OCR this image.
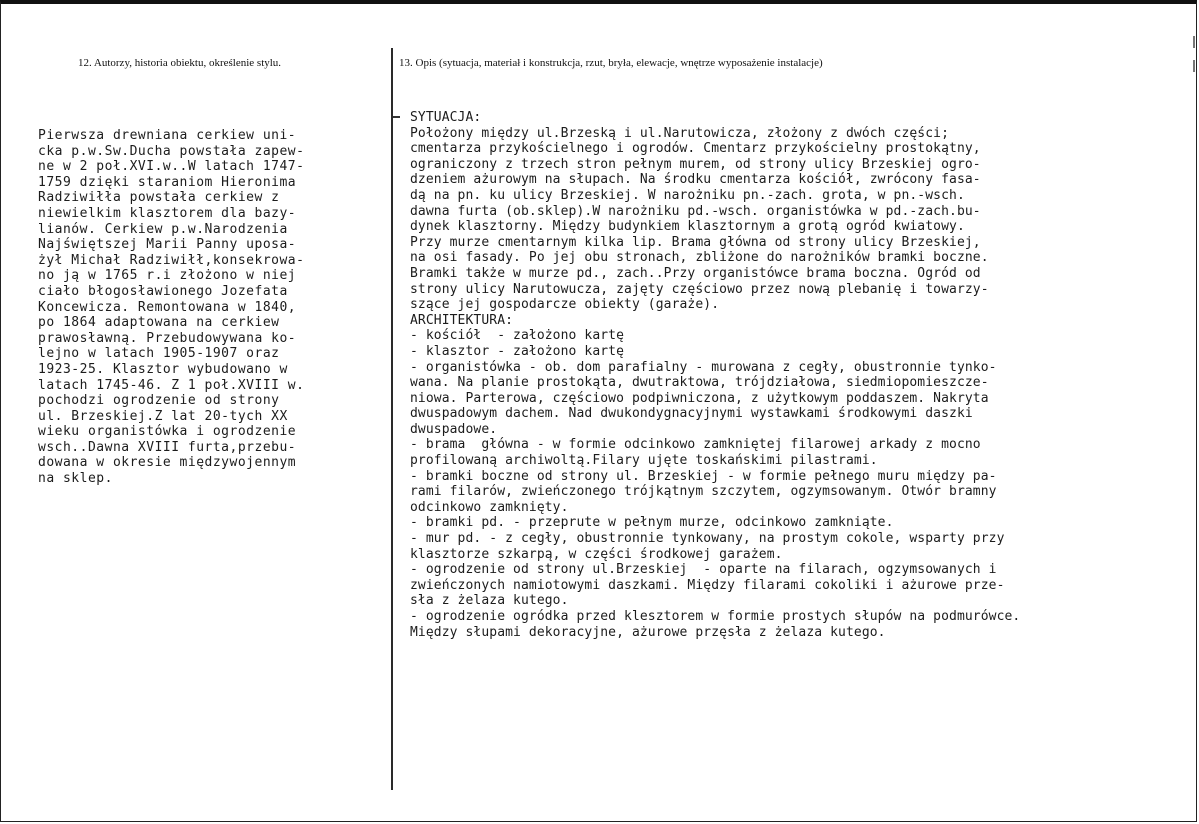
12. Autorzy, historia obiektu, określenie stylu.	13. Opis (sytuacja, materiał i konstrukcja, rzut, bryła, elewacje, wnętrze wyposażenie instalacje)
Pierwsza drewniana cerkiew uni-
cka p.w.Sw.Ducha powstała zapew-
ne w 2 poł.XVI.w..W latach 1747-
1759 dzięki staraniom Hieronima
Radziwiłła powstała cerkiew z
niewielkim klasztorem dla bazy-
lianów. Cerkiew p.w.Narodzenia
Najświętszej Marii Panny uposa-
żył Michał Radziwiłł,konsekrowa-
no ją w 1765 r.i złożono w niej
ciało błogosławionego Jozefata
Koncewicza. Remontowana w 1840,
po 1864 adaptowana na cerkiew
prawosławną. Przebudowywana ko-
lejno w latach 1905-1907 oraz
1923-25. Klasztor wybudowano w
latach 1745-46. Z 1 poł.XVIII w.
pochodzi ogrodzenie od strony
ul. Brzeskiej.Z lat 20-tych XX
wieku organistówka i ogrodzenie
wsch..Dawna XVIII furta,przebu-
dowana w okresie międzywojennym
na sklep.
SYTUACJA:
Położony między ul.Brzeską i ul.Narutowicza, złożony z dwóch części;
cmentarza przykościelnego i ogrodów. Cmentarz przykościelny prostokątny,
ograniczony z trzech stron pełnym murem, od strony ulicy Brzeskiej ogro-
dzeniem ażurowym na słupach. Na środku cmentarza kościół, zwrócony fasa-
dą na pn. ku ulicy Brzeskiej. W narożniku pn.-zach. grota, w pn.-wsch.
dawna furta (ob.sklep).W narożniku pd.-wsch. organistówka w pd.-zach.bu-
dynek klasztorny. Między budynkiem klasztornym a grotą ogród kwiatowy.
Przy murze cmentarnym kilka lip. Brama główna od strony ulicy Brzeskiej,
na osi fasady. Po jej obu stronach, zbliżone do narożników bramki boczne.
Bramki także w murze pd., zach..Przy organistówce brama boczna. Ogród od
strony ulicy Narutowucza, zajęty częściowo przez nową plebanię i towarzy-
szące jej gospodarcze obiekty (garaże).
ARCHITEKTURA:
- kościół  - założono kartę
- klasztor - założono kartę
- organistówka - ob. dom parafialny - murowana z cegły, obustronnie tynko-
wana. Na planie prostokąta, dwutraktowa, trójdziałowa, siedmiopomieszcze-
niowa. Parterowa, częściowo podpiwniczona, z użytkowym poddaszem. Nakryta
dwuspadowym dachem. Nad dwukondygnacyjnymi wystawkami środkowymi daszki
dwuspadowe.
- brama  główna - w formie odcinkowo zamkniętej filarowej arkady z mocno
profilowaną archiwoltą.Filary ujęte toskańskimi pilastrami.
- bramki boczne od strony ul. Brzeskiej - w formie pełnego muru między pa-
rami filarów, zwieńczonego trójkątnym szczytem, ogzymsowanym. Otwór bramny
odcinkowo zamknięty.
- bramki pd. - przeprute w pełnym murze, odcinkowo zamkniąte.
- mur pd. - z cegły, obustronnie tynkowany, na prostym cokole, wsparty przy
klasztorze szkarpą, w części środkowej garażem.
- ogrodzenie od strony ul.Brzeskiej  - oparte na filarach, ogzymsowanych i
zwieńczonych namiotowymi daszkami. Między filarami cokoliki i ażurowe prze-
sła z żelaza kutego.
- ogrodzenie ogródka przed klesztorem w formie prostych słupów na podmurówce.
Między słupami dekoracyjne, ażurowe przęsła z żelaza kutego.
